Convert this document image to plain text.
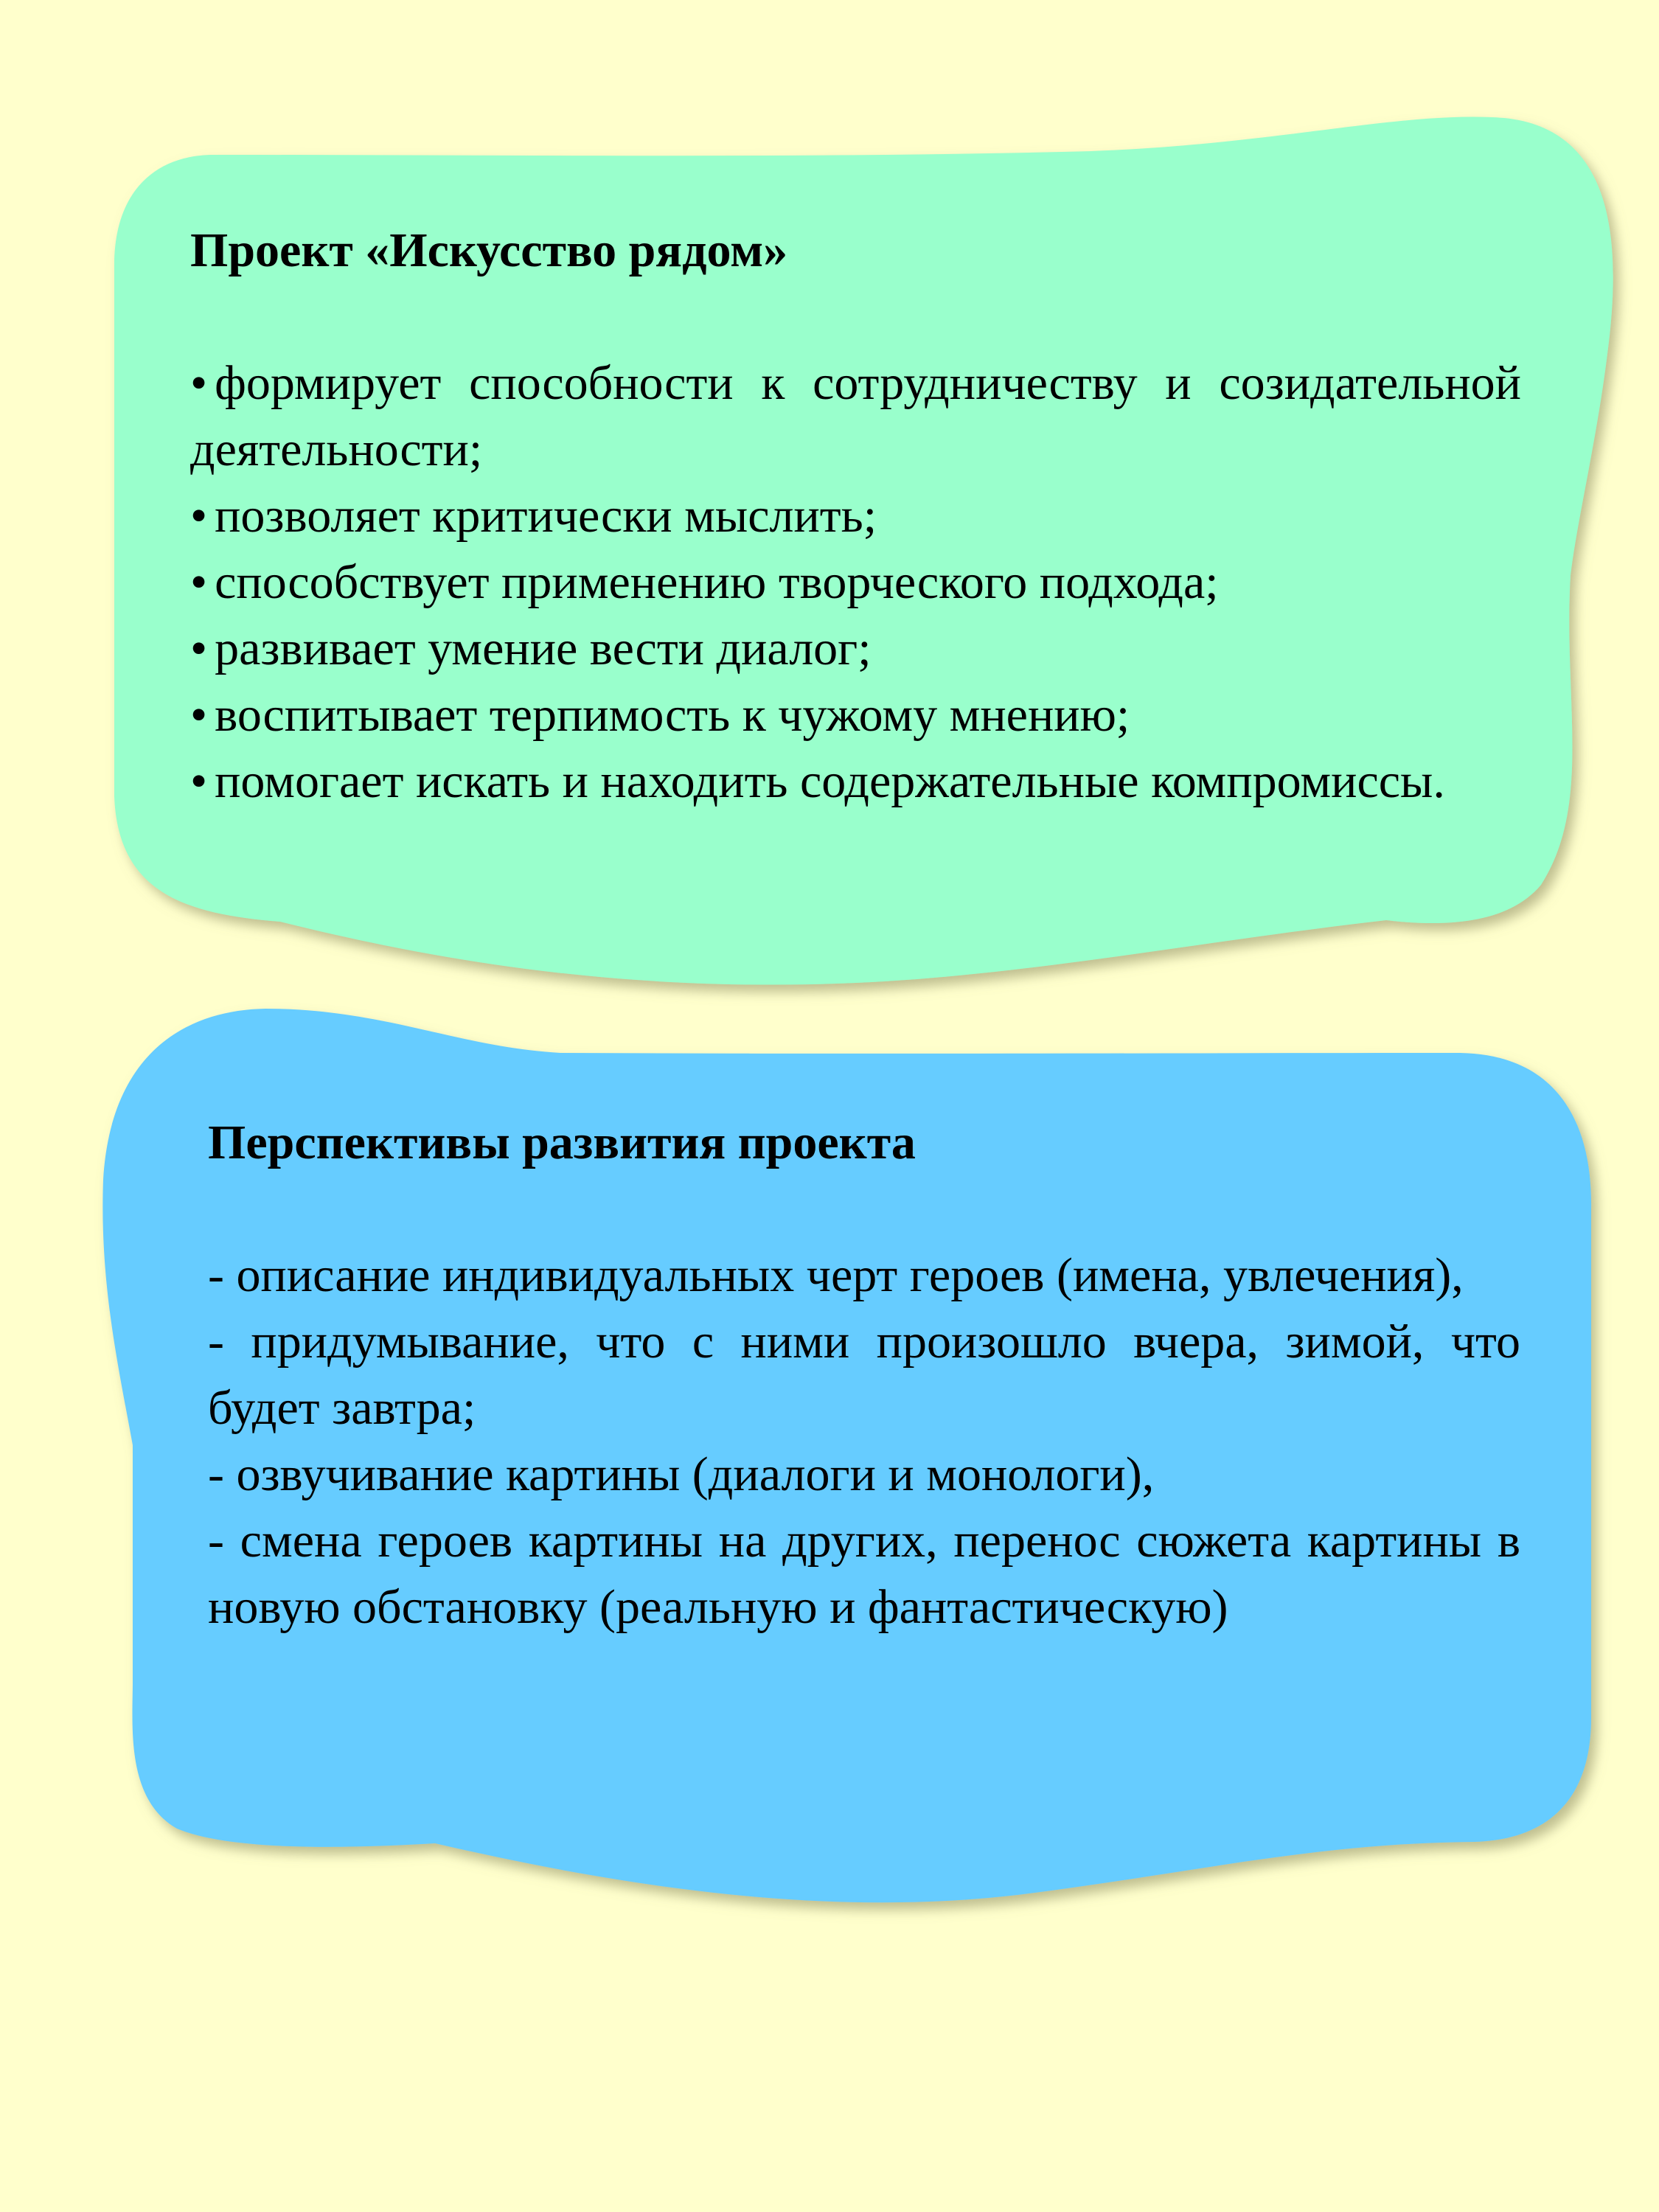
Проект «Искусство рядом»

• формирует способности к сотрудничеству и созидательной деятельности;
• позволяет критически мыслить;
• способствует применению творческого подхода;
• развивает умение вести диалог;
• воспитывает терпимость к чужому мнению;
• помогает искать и находить содержательные компромиссы.

Перспективы развития проекта

- описание индивидуальных черт героев (имена, увлечения),
- придумывание, что с ними произошло вчера, зимой, что будет завтра;
- озвучивание картины (диалоги и монологи),
- смена героев картины на других, перенос сюжета картины в новую обстановку (реальную и фантастическую)
